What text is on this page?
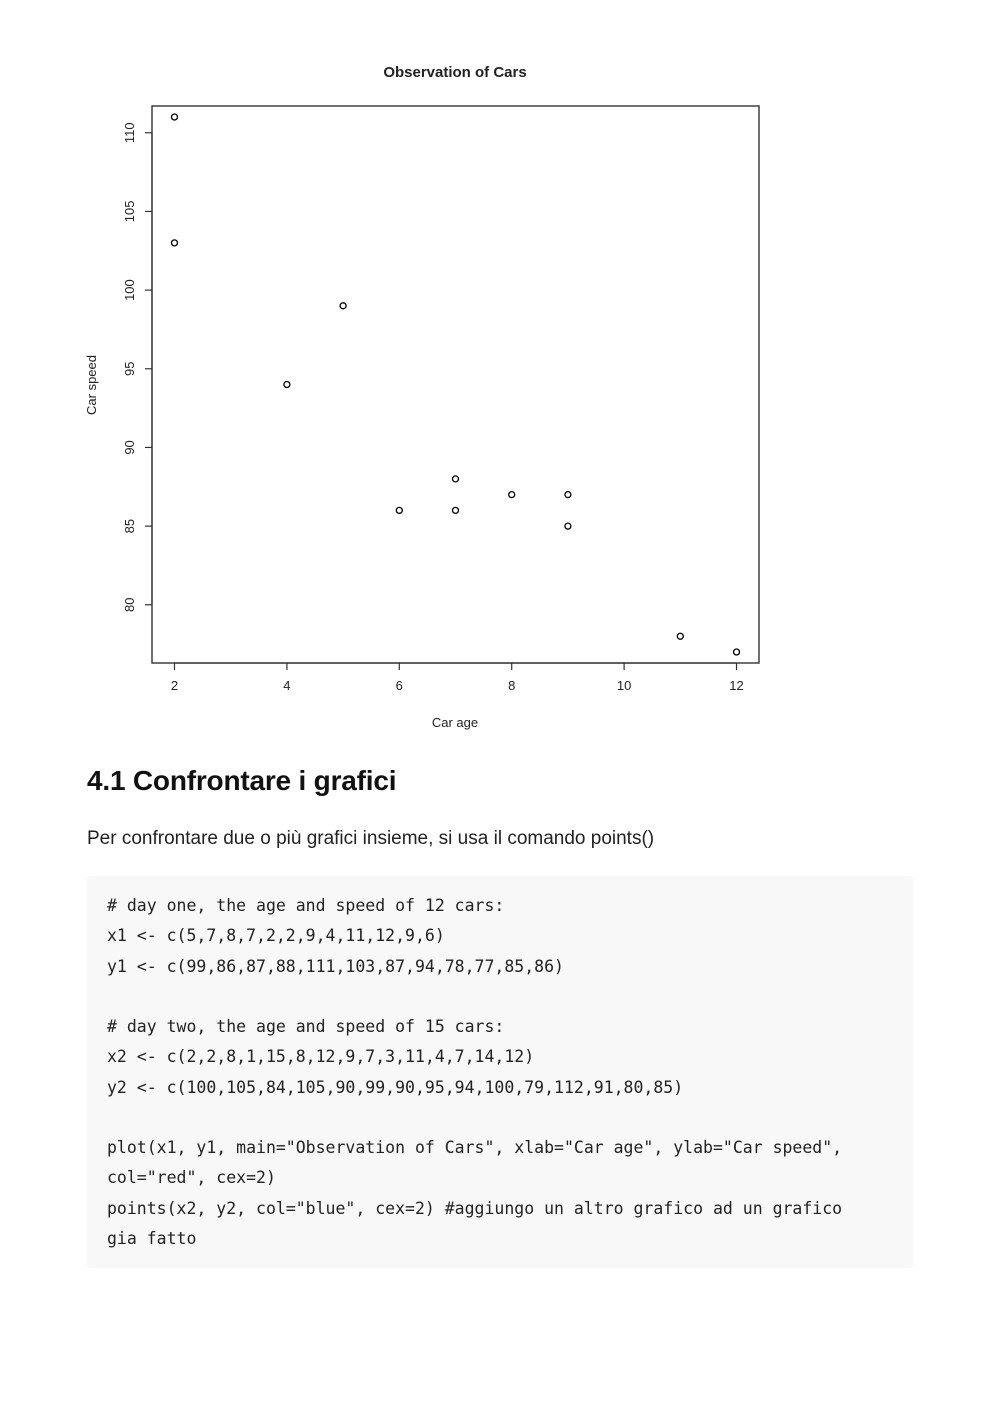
Observation of Cars
2	4	6	8	10	12
80
85
90
95
100
105
110
Car age
Car speed
4.1 Confrontare i grafici

Per confrontare due o più grafici insieme, si usa il comando points()

# day one, the age and speed of 12 cars:
x1 <- c(5,7,8,7,2,2,9,4,11,12,9,6)
y1 <- c(99,86,87,88,111,103,87,94,78,77,85,86)
# day two, the age and speed of 15 cars:
x2 <- c(2,2,8,1,15,8,12,9,7,3,11,4,7,14,12)
y2 <- c(100,105,84,105,90,99,90,95,94,100,79,112,91,80,85)
plot(x1, y1, main="Observation of Cars", xlab="Car age", ylab="Car speed",
col="red", cex=2)
points(x2, y2, col="blue", cex=2) #aggiungo un altro grafico ad un grafico
gia fatto
